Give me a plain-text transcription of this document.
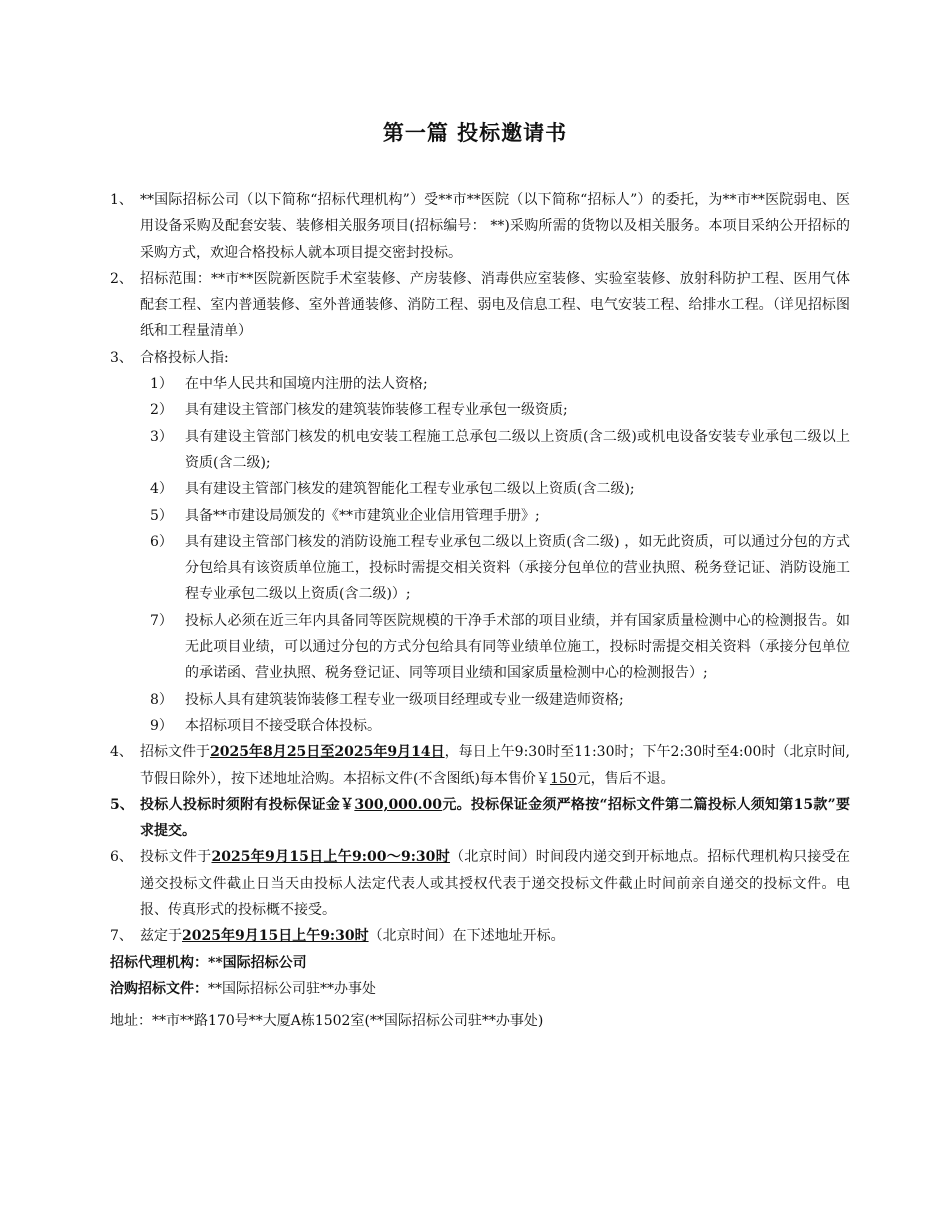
第一篇 投标邀请书
1、 **国际招标公司（以下简称“招标代理机构”）受**市**医院（以下简称“招标人”）的委托，为**市**医院弱电、医用设备采购及配套安装、装修相关服务项目(招标编号： **)采购所需的货物以及相关服务。本项目采纳公开招标的采购方式，欢迎合格投标人就本项目提交密封投标。
2、 招标范围：**市**医院新医院手术室装修、产房装修、消毒供应室装修、实验室装修、放射科防护工程、医用气体配套工程、室内普通装修、室外普通装修、消防工程、弱电及信息工程、电气安装工程、给排水工程。（详见招标图纸和工程量清单）
3、 合格投标人指:
1） 在中华人民共和国境内注册的法人资格;
2） 具有建设主管部门核发的建筑装饰装修工程专业承包一级资质;
3） 具有建设主管部门核发的机电安装工程施工总承包二级以上资质(含二级)或机电设备安装专业承包二级以上资质(含二级);
4） 具有建设主管部门核发的建筑智能化工程专业承包二级以上资质(含二级);
5） 具备**市建设局颁发的《**市建筑业企业信用管理手册》;
6） 具有建设主管部门核发的消防设施工程专业承包二级以上资质(含二级) ，如无此资质，可以通过分包的方式分包给具有该资质单位施工，投标时需提交相关资料（承接分包单位的营业执照、税务登记证、消防设施工程专业承包二级以上资质(含二级)）;
7） 投标人必须在近三年内具备同等医院规模的干净手术部的项目业绩，并有国家质量检测中心的检测报告。如无此项目业绩，可以通过分包的方式分包给具有同等业绩单位施工，投标时需提交相关资料（承接分包单位的承诺函、营业执照、税务登记证、同等项目业绩和国家质量检测中心的检测报告）;
8） 投标人具有建筑装饰装修工程专业一级项目经理或专业一级建造师资格;
9） 本招标项目不接受联合体投标。
4、 招标文件于2025年8月25日至2025年9月14日，每日上午9:30时至11:30时；下午2:30时至4:00时（北京时间,节假日除外），按下述地址洽购。本招标文件(不含图纸)每本售价￥150元，售后不退。
5、 投标人投标时须附有投标保证金￥300,000.00元。投标保证金须严格按“招标文件第二篇投标人须知第15款”要求提交。
6、 投标文件于2025年9月15日上午9:00～9:30时（北京时间）时间段内递交到开标地点。招标代理机构只接受在递交投标文件截止日当天由投标人法定代表人或其授权代表于递交投标文件截止时间前亲自递交的投标文件。电报、传真形式的投标概不接受。
7、 兹定于2025年9月15日上午9:30时（北京时间）在下述地址开标。
招标代理机构：**国际招标公司
洽购招标文件：**国际招标公司驻**办事处
地址：**市**路170号**大厦A栋1502室(**国际招标公司驻**办事处)
